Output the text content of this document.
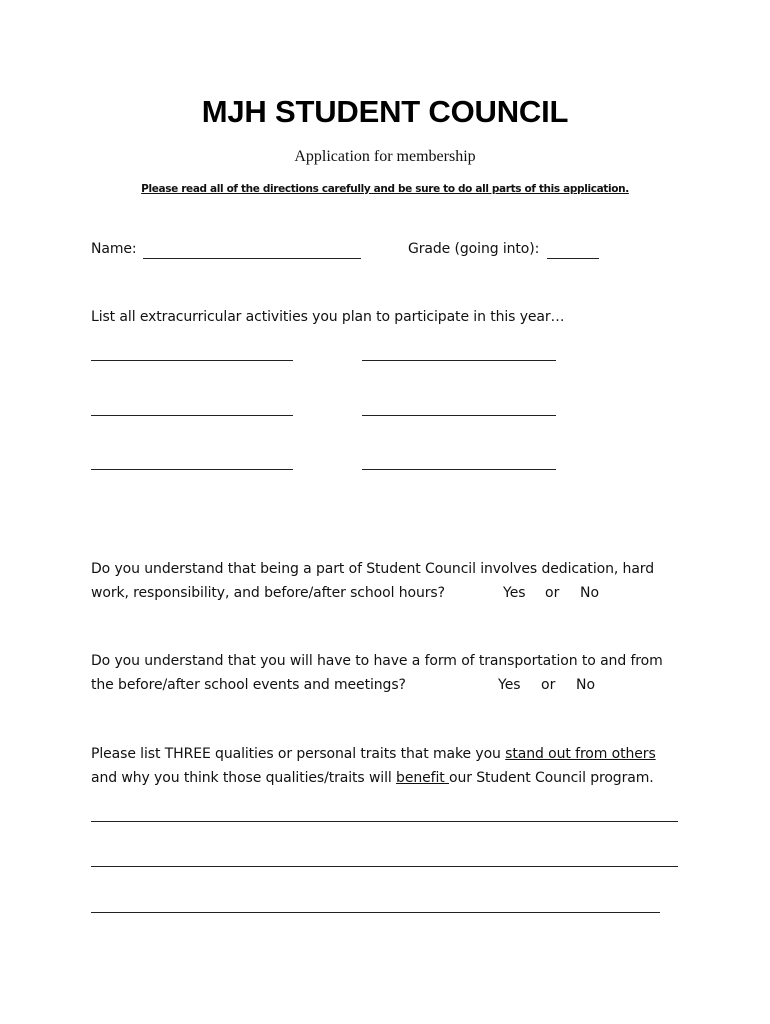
MJH STUDENT COUNCIL
Application for membership
Please read all of the directions carefully and be sure to do all parts of this application.
Name:	Grade (going into):
List all extracurricular activities you plan to participate in this year…
Do you understand that being a part of Student Council involves dedication, hard
work, responsibility, and before/after school hours?	Yes or No
Do you understand that you will have to have a form of transportation to and from
the before/after school events and meetings?	Yes or No
Please list THREE qualities or personal traits that make you stand out from others
and why you think those qualities/traits will benefit our Student Council program.
